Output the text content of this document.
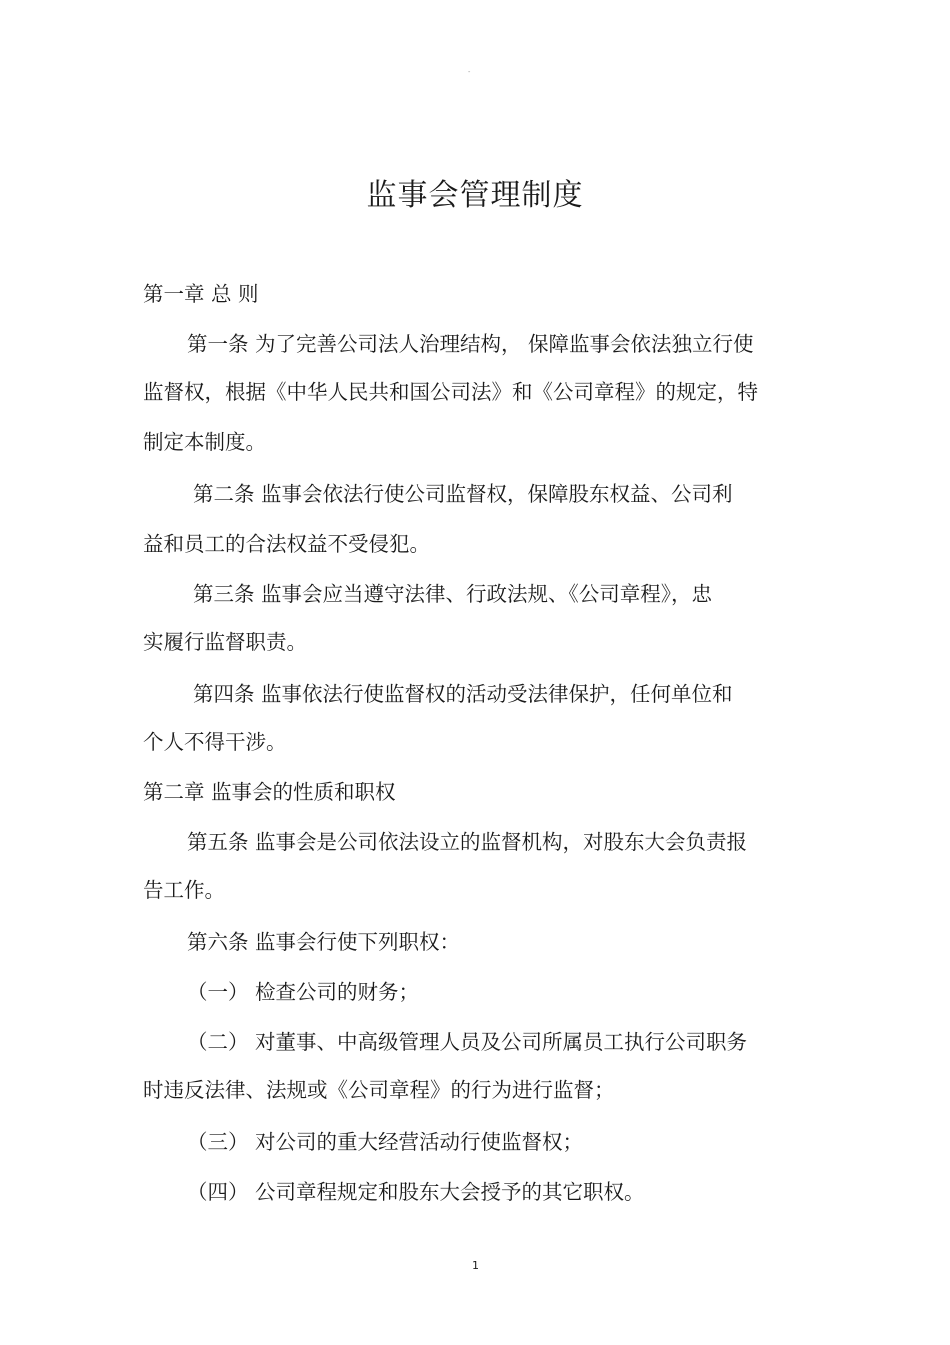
-
监事会管理制度
第一章 总 则
第一条 为了完善公司法人治理结构， 保障监事会依法独立行使
监督权，根据《中华人民共和国公司法》和《公司章程》的规定，特
制定本制度。
第二条 监事会依法行使公司监督权，保障股东权益、公司利
益和员工的合法权益不受侵犯。
第三条 监事会应当遵守法律、行政法规、《公司章程》，忠
实履行监督职责。
第四条 监事依法行使监督权的活动受法律保护，任何单位和
个人不得干涉。
第二章 监事会的性质和职权
第五条 监事会是公司依法设立的监督机构，对股东大会负责报
告工作。
第六条 监事会行使下列职权：
（一） 检查公司的财务；
（二） 对董事、中高级管理人员及公司所属员工执行公司职务
时违反法律、法规或《公司章程》的行为进行监督；
（三） 对公司的重大经营活动行使监督权；
（四） 公司章程规定和股东大会授予的其它职权。
1
